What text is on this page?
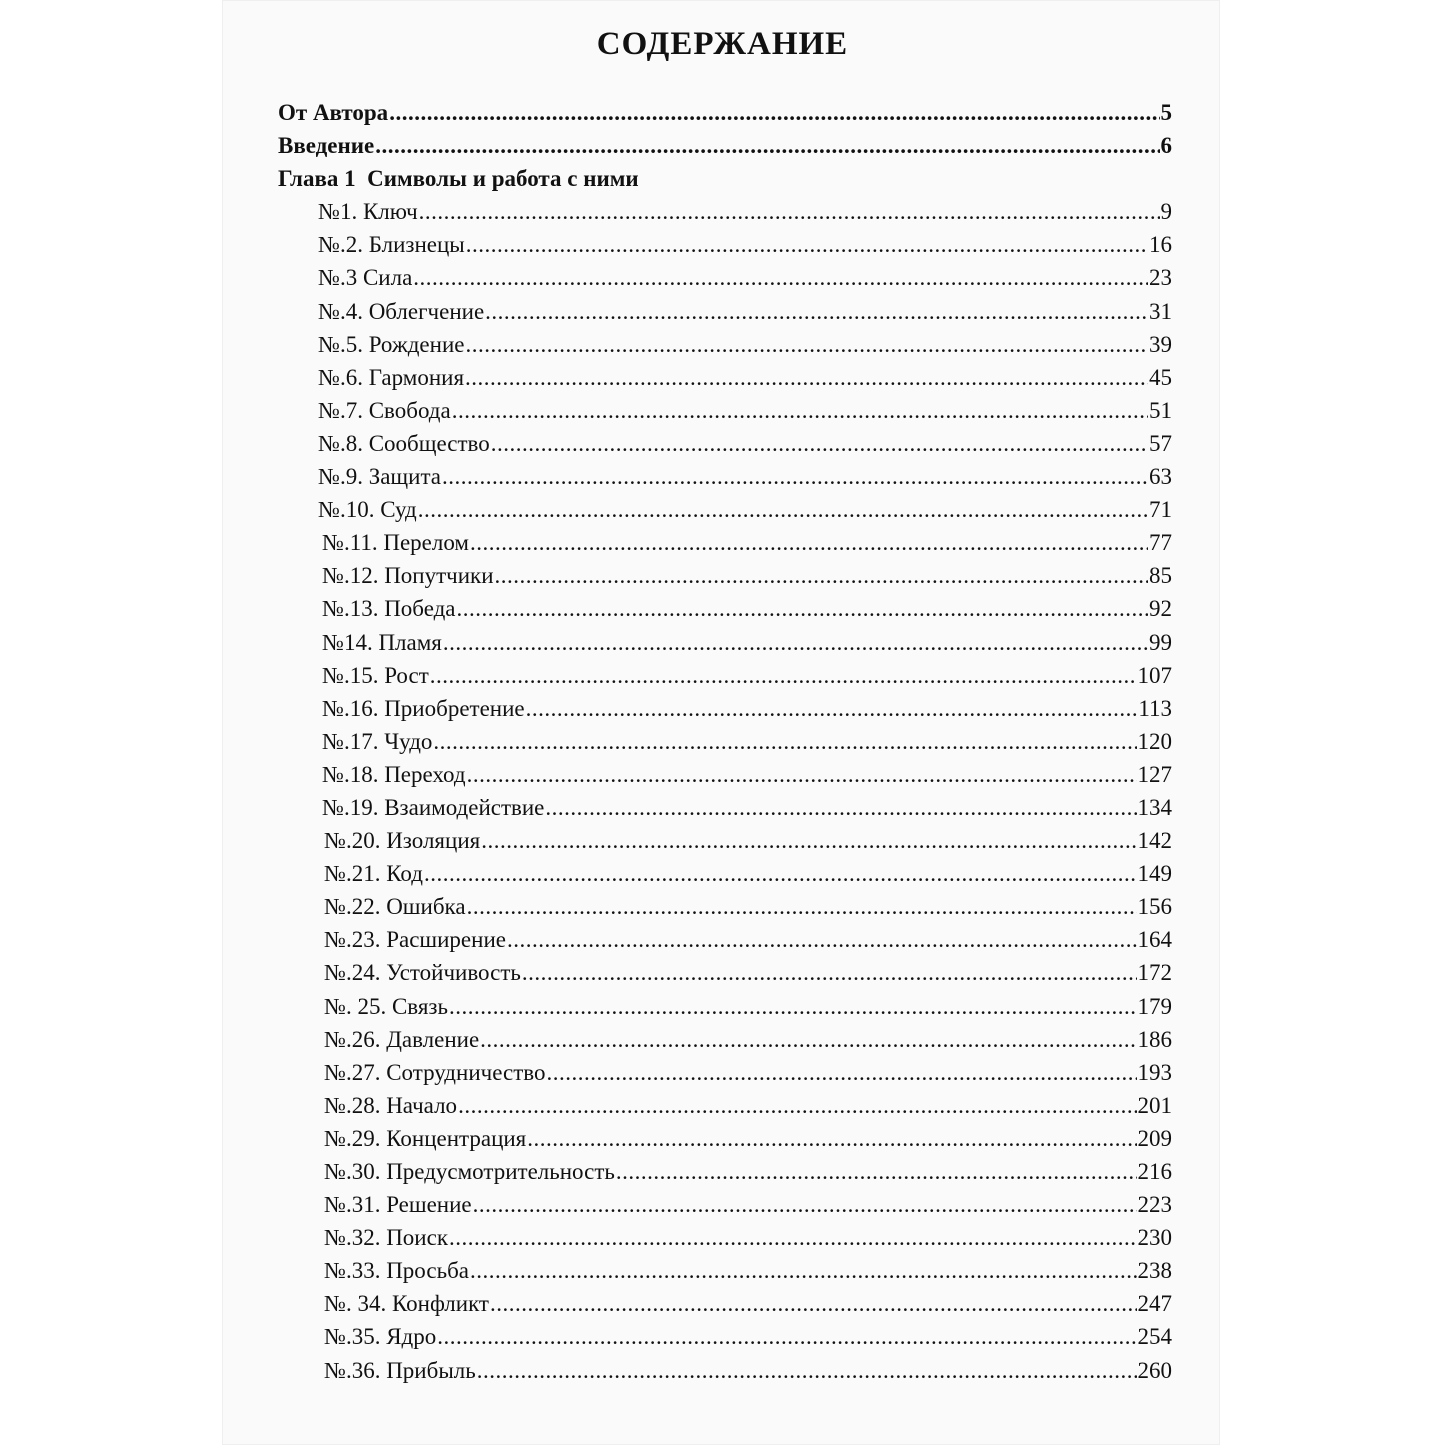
СОДЕРЖАНИЕ
От Автора .....	5
Введение .....	6
Глава 1  Символы и работа с ними
№1. Ключ .....	9
№.2. Близнецы .....	16
№.3 Сила .....	23
№.4. Облегчение .....	31
№.5. Рождение .....	39
№.6. Гармония .....	45
№.7. Свобода .....	51
№.8. Сообщество .....	57
№.9. Защита .....	63
№.10. Суд .....	71
№.11. Перелом .....	77
№.12. Попутчики .....	85
№.13. Победа .....	92
№14. Пламя .....	99
№.15. Рост .....	107
№.16. Приобретение .....	113
№.17. Чудо .....	120
№.18. Переход .....	127
№.19. Взаимодействие .....	134
№.20. Изоляция .....	142
№.21. Код .....	149
№.22. Ошибка .....	156
№.23. Расширение .....	164
№.24. Устойчивость .....	172
№. 25. Связь .....	179
№.26. Давление .....	186
№.27. Сотрудничество .....	193
№.28. Начало .....	201
№.29. Концентрация .....	209
№.30. Предусмотрительность .....	216
№.31. Решение .....	223
№.32. Поиск .....	230
№.33. Просьба .....	238
№. 34. Конфликт .....	247
№.35. Ядро .....	254
№.36. Прибыль .....	260
